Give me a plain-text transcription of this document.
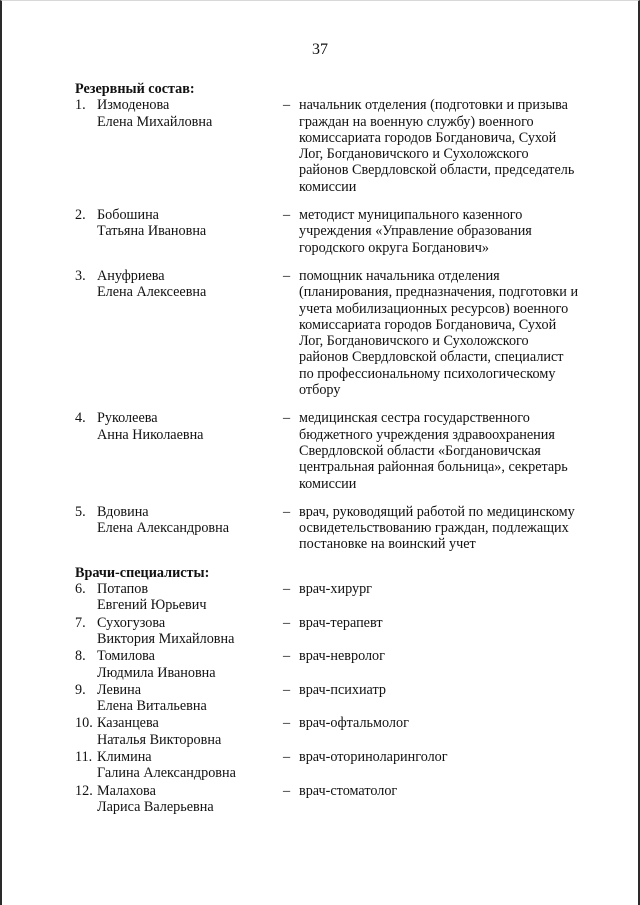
37
Резервный состав:
1. Измоденова
Елена Михайловна
– начальник отделения (подготовки и призыва
граждан на военную службу) военного
комиссариата городов Богдановича, Сухой
Лог, Богдановичского и Сухоложского
районов Свердловской области, председатель
комиссии
2. Бобошина
Татьяна Ивановна
– методист муниципального казенного
учреждения «Управление образования
городского округа Богданович»
3. Ануфриева
Елена Алексеевна
– помощник начальника отделения
(планирования, предназначения, подготовки и
учета мобилизационных ресурсов) военного
комиссариата городов Богдановича, Сухой
Лог, Богдановичского и Сухоложского
районов Свердловской области, специалист
по профессиональному психологическому
отбору
4. Руколеева
Анна Николаевна
– медицинская сестра государственного
бюджетного учреждения здравоохранения
Свердловской области «Богдановичская
центральная районная больница», секретарь
комиссии
5. Вдовина
Елена Александровна
– врач, руководящий работой по медицинскому
освидетельствованию граждан, подлежащих
постановке на воинский учет
Врачи-специалисты:
6. Потапов
Евгений Юрьевич
– врач-хирург
7. Сухогузова
Виктория Михайловна
– врач-терапевт
8. Томилова
Людмила Ивановна
– врач-невролог
9. Левина
Елена Витальевна
– врач-психиатр
10. Казанцева
Наталья Викторовна
– врач-офтальмолог
11. Климина
Галина Александровна
– врач-оториноларинголог
12. Малахова
Лариса Валерьевна
– врач-стоматолог
